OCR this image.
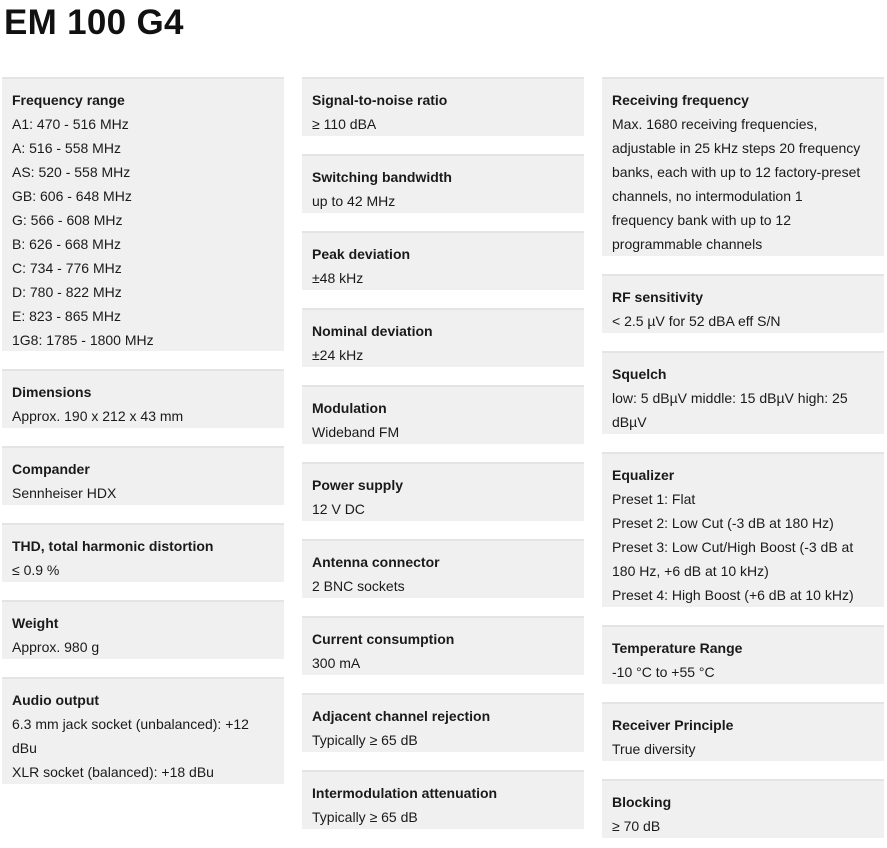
EM 100 G4
Frequency range
A1: 470 - 516 MHz
A: 516 - 558 MHz
AS: 520 - 558 MHz
GB: 606 - 648 MHz
G: 566 - 608 MHz
B: 626 - 668 MHz
C: 734 - 776 MHz
D: 780 - 822 MHz
E: 823 - 865 MHz
1G8: 1785 - 1800 MHz
Dimensions
Approx. 190 x 212 x 43 mm
Compander
Sennheiser HDX
THD, total harmonic distortion
≤ 0.9 %
Weight
Approx. 980 g
Audio output
6.3 mm jack socket (unbalanced): +12
dBu
XLR socket (balanced): +18 dBu
Signal-to-noise ratio
≥ 110 dBA
Switching bandwidth
up to 42 MHz
Peak deviation
±48 kHz
Nominal deviation
±24 kHz
Modulation
Wideband FM
Power supply
12 V DC
Antenna connector
2 BNC sockets
Current consumption
300 mA
Adjacent channel rejection
Typically ≥ 65 dB
Intermodulation attenuation
Typically ≥ 65 dB
Receiving frequency
Max. 1680 receiving frequencies,
adjustable in 25 kHz steps 20 frequency
banks, each with up to 12 factory-preset
channels, no intermodulation 1
frequency bank with up to 12
programmable channels
RF sensitivity
< 2.5 µV for 52 dBA eff S/N
Squelch
low: 5 dBµV middle: 15 dBµV high: 25
dBµV
Equalizer
Preset 1: Flat
Preset 2: Low Cut (-3 dB at 180 Hz)
Preset 3: Low Cut/High Boost (-3 dB at
180 Hz, +6 dB at 10 kHz)
Preset 4: High Boost (+6 dB at 10 kHz)
Temperature Range
-10 °C to +55 °C
Receiver Principle
True diversity
Blocking
≥ 70 dB
